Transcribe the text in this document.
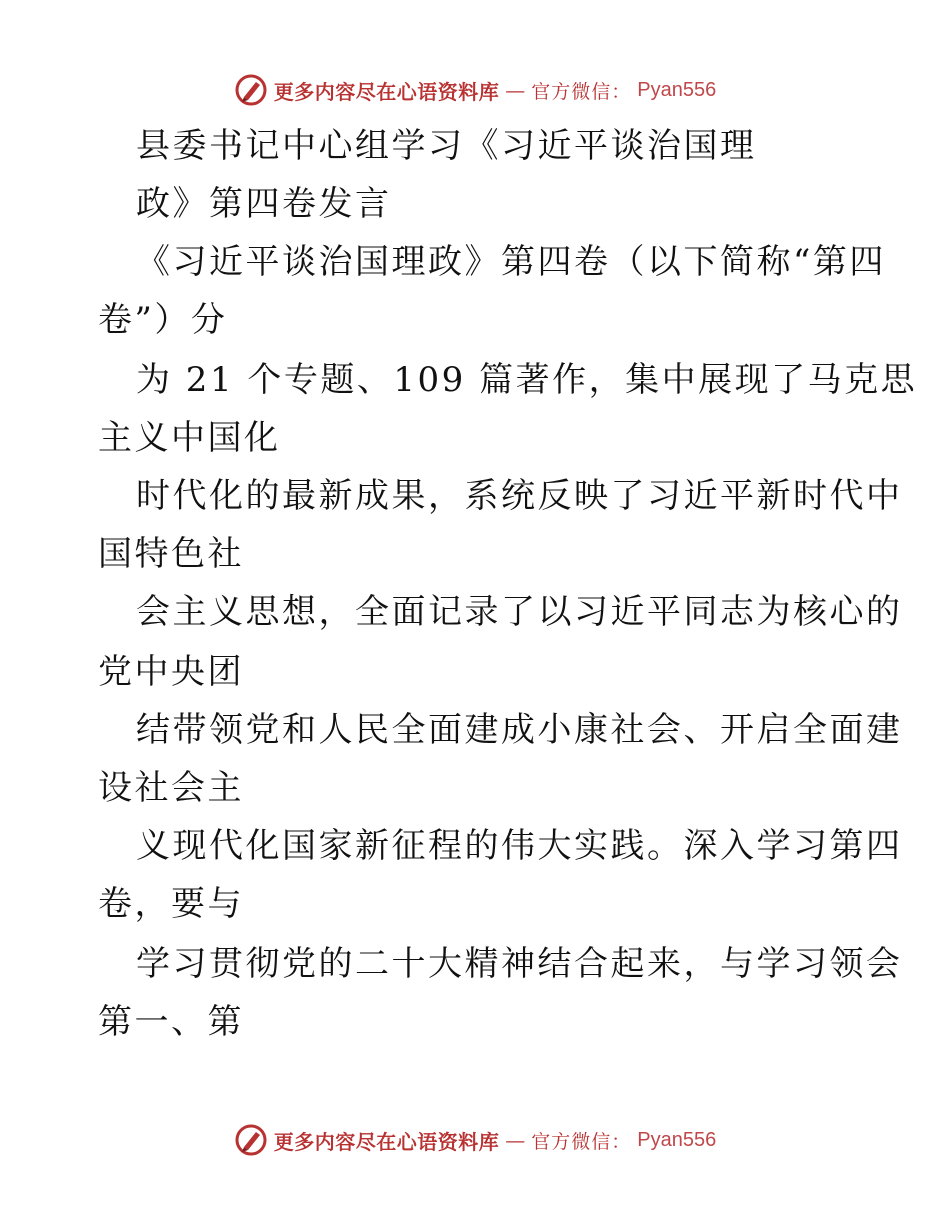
更多内容尽在心语资料库 — 官方微信： Pyan556
县委书记中心组学习《习近平谈治国理
政》第四卷发言
《习近平谈治国理政》第四卷（以下简称“第四
卷”）分
为 21 个专题、109 篇著作，集中展现了马克思
主义中国化
时代化的最新成果，系统反映了习近平新时代中
国特色社
会主义思想，全面记录了以习近平同志为核心的
党中央团
结带领党和人民全面建成小康社会、开启全面建
设社会主
义现代化国家新征程的伟大实践。深入学习第四
卷，要与
学习贯彻党的二十大精神结合起来，与学习领会
第一、第
更多内容尽在心语资料库 — 官方微信： Pyan556
